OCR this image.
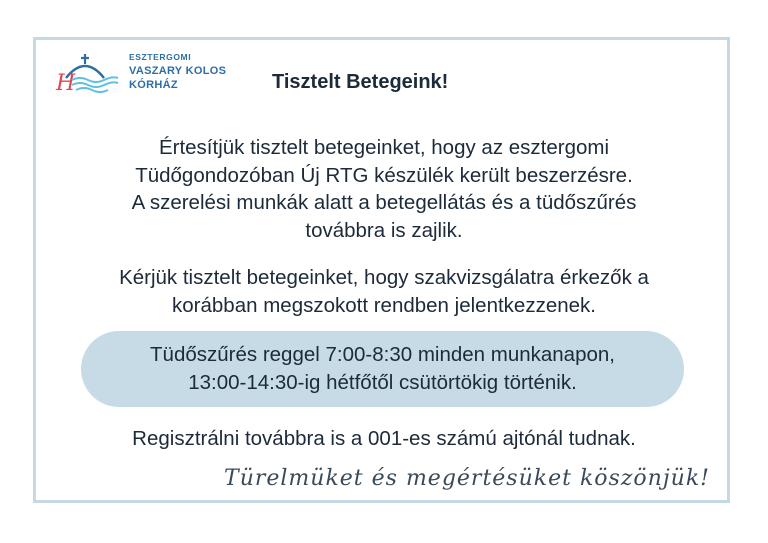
H
ESZTERGOMI
VASZARY KOLOS
KÓRHÁZ	Tisztelt Betegeink!
Értesítjük tisztelt betegeinket, hogy az esztergomi
Tüdőgondozóban Új RTG készülék került beszerzésre.
A szerelési munkák alatt a betegellátás és a tüdőszűrés
továbbra is zajlik.
Kérjük tisztelt betegeinket, hogy szakvizsgálatra érkezők a
korábban megszokott rendben jelentkezzenek.
Tüdőszűrés reggel 7:00-8:30 minden munkanapon,
13:00-14:30-ig hétfőtől csütörtökig történik.
Regisztrálni továbbra is a 001-es számú ajtónál tudnak.
Türelmüket és megértésüket köszönjük!
